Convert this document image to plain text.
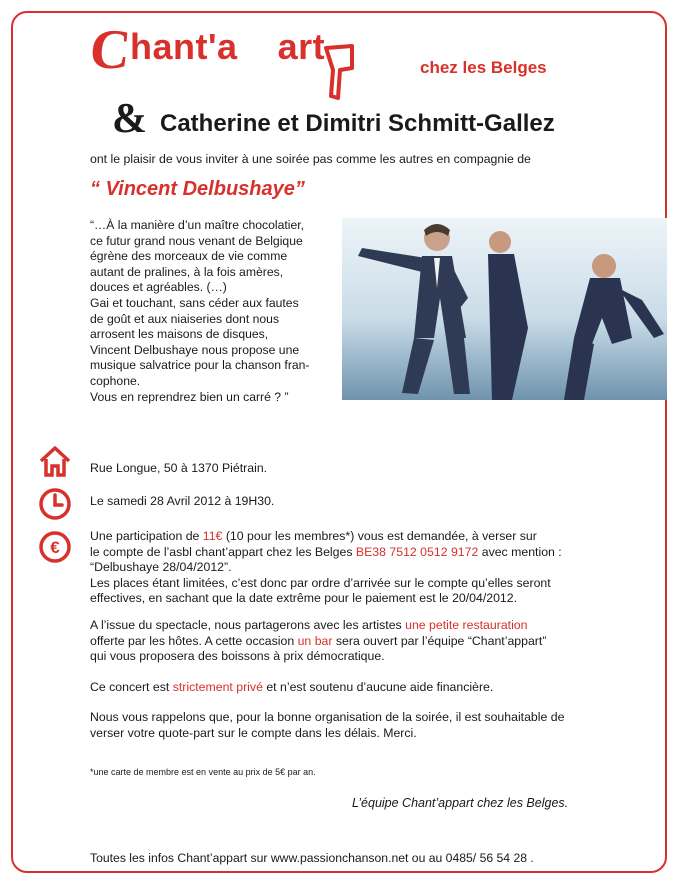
C
hant'a art
chez les Belges
& Catherine et Dimitri Schmitt-Gallez
ont le plaisir de vous inviter à une soirée pas comme les autres en compagnie de
“ Vincent Delbushaye”
“…À la manière d’un maître chocolatier,
ce futur grand nous venant de Belgique
égrène des morceaux de vie comme
autant de pralines, à la fois amères,
douces et agréables. (…)
Gai et touchant, sans céder aux fautes
de goût et aux niaiseries dont nous
arrosent les maisons de disques,
Vincent Delbushaye nous propose une
musique salvatrice pour la chanson fran-
cophone.
Vous en reprendrez bien un carré ? ”
€
Rue Longue, 50 à 1370 Piétrain.
Le samedi 28 Avril 2012 à 19H30.
Une participation de 11€ (10 pour les membres*) vous est demandée, à verser sur
le compte de l’asbl chant’appart chez les Belges BE38 7512 0512 9172 avec mention :
“Delbushaye 28/04/2012”.
Les places étant limitées, c’est donc par ordre d’arrivée sur le compte qu’elles seront
effectives, en sachant que la date extrême pour le paiement est le 20/04/2012.
A l’issue du spectacle, nous partagerons avec les artistes une petite restauration
offerte par les hôtes. A cette occasion un bar sera ouvert par l’équipe “Chant’appart”
qui vous proposera des boissons à prix démocratique.
Ce concert est strictement privé et n’est soutenu d’aucune aide financière.
Nous vous rappelons que, pour la bonne organisation de la soirée, il est souhaitable de
verser votre quote-part sur le compte dans les délais. Merci.
*une carte de membre est en vente au prix de 5€ par an.
L’équipe Chant’appart chez les Belges.
Toutes les infos Chant’appart sur www.passionchanson.net ou au 0485/ 56 54 28 .
